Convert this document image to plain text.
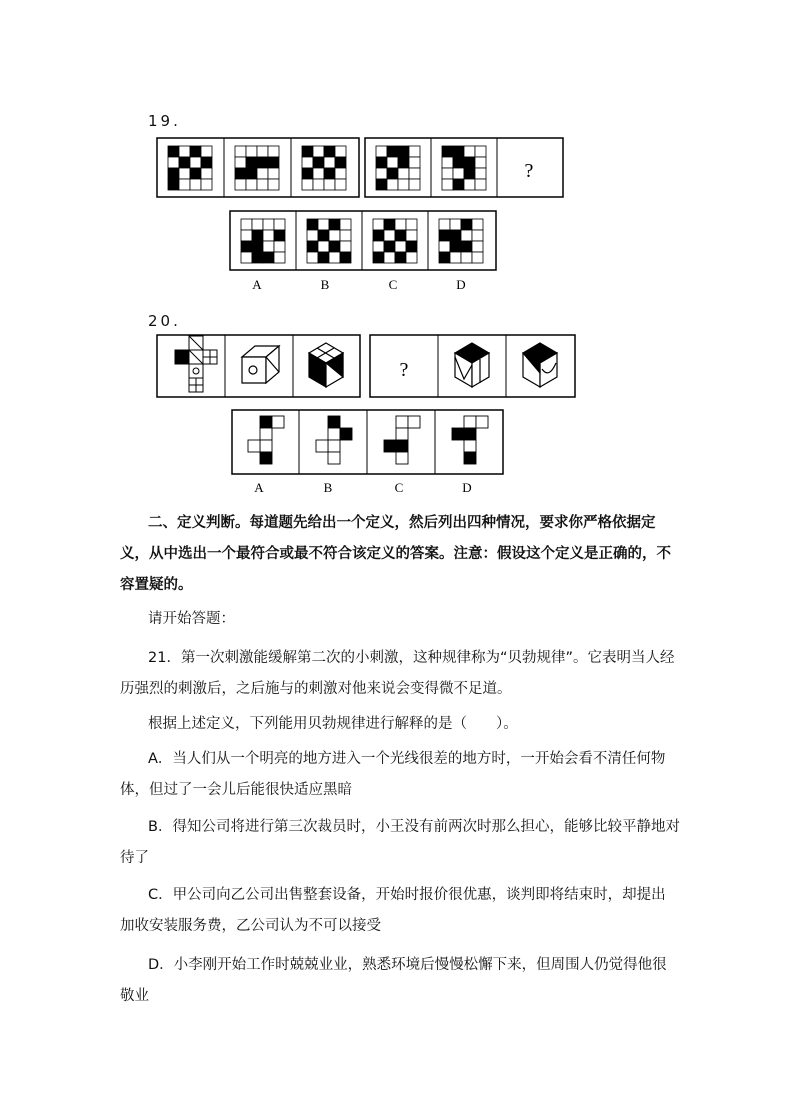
19.
?
A	B	C	D
20.
?
A	B	C	D
二、定义判断。每道题先给出一个定义，然后列出四种情况，要求你严格依据定义，从中选出一个最符合或最不符合该定义的答案。注意：假设这个定义是正确的，不容置疑的。
请开始答题：
21．第一次刺激能缓解第二次的小刺激，这种规律称为“贝勃规律”。它表明当人经历强烈的刺激后，之后施与的刺激对他来说会变得微不足道。
根据上述定义，下列能用贝勃规律进行解释的是（　　）。
A．当人们从一个明亮的地方进入一个光线很差的地方时，一开始会看不清任何物体，但过了一会儿后能很快适应黑暗
B．得知公司将进行第三次裁员时，小王没有前两次时那么担心，能够比较平静地对待了
C．甲公司向乙公司出售整套设备，开始时报价很优惠，谈判即将结束时，却提出加收安装服务费，乙公司认为不可以接受
D．小李刚开始工作时兢兢业业，熟悉环境后慢慢松懈下来，但周围人仍觉得他很敬业
